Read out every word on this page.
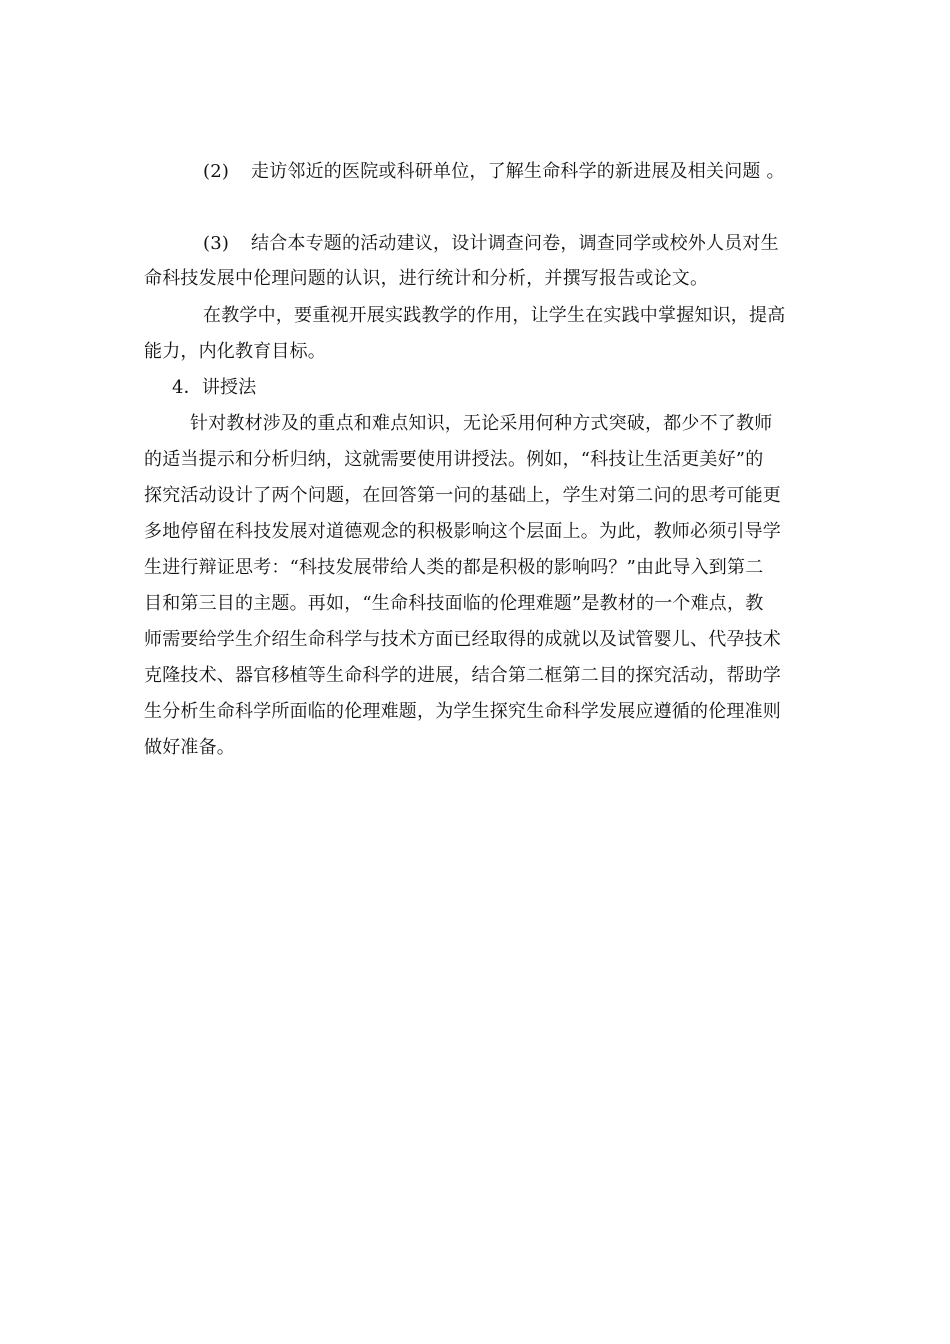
(2) 走访邻近的医院或科研单位，了解生命科学的新进展及相关问题 。
(3) 结合本专题的活动建议，设计调查问卷，调查同学或校外人员对生
命科技发展中伦理问题的认识，进行统计和分析，并撰写报告或论文。
在教学中，要重视开展实践教学的作用，让学生在实践中掌握知识，提高
能力，内化教育目标。
4．讲授法
针对教材涉及的重点和难点知识，无论采用何种方式突破，都少不了教师
的适当提示和分析归纳，这就需要使用讲授法。例如，“科技让生活更美好”的
探究活动设计了两个问题，在回答第一问的基础上，学生对第二问的思考可能更
多地停留在科技发展对道德观念的积极影响这个层面上。为此，教师必须引导学
生进行辩证思考：“科技发展带给人类的都是积极的影响吗？”由此导入到第二
目和第三目的主题。再如，“生命科技面临的伦理难题”是教材的一个难点，教
师需要给学生介绍生命科学与技术方面已经取得的成就以及试管婴儿、代孕技术
克隆技术、器官移植等生命科学的进展，结合第二框第二目的探究活动，帮助学
生分析生命科学所面临的伦理难题，为学生探究生命科学发展应遵循的伦理准则
做好准备。
